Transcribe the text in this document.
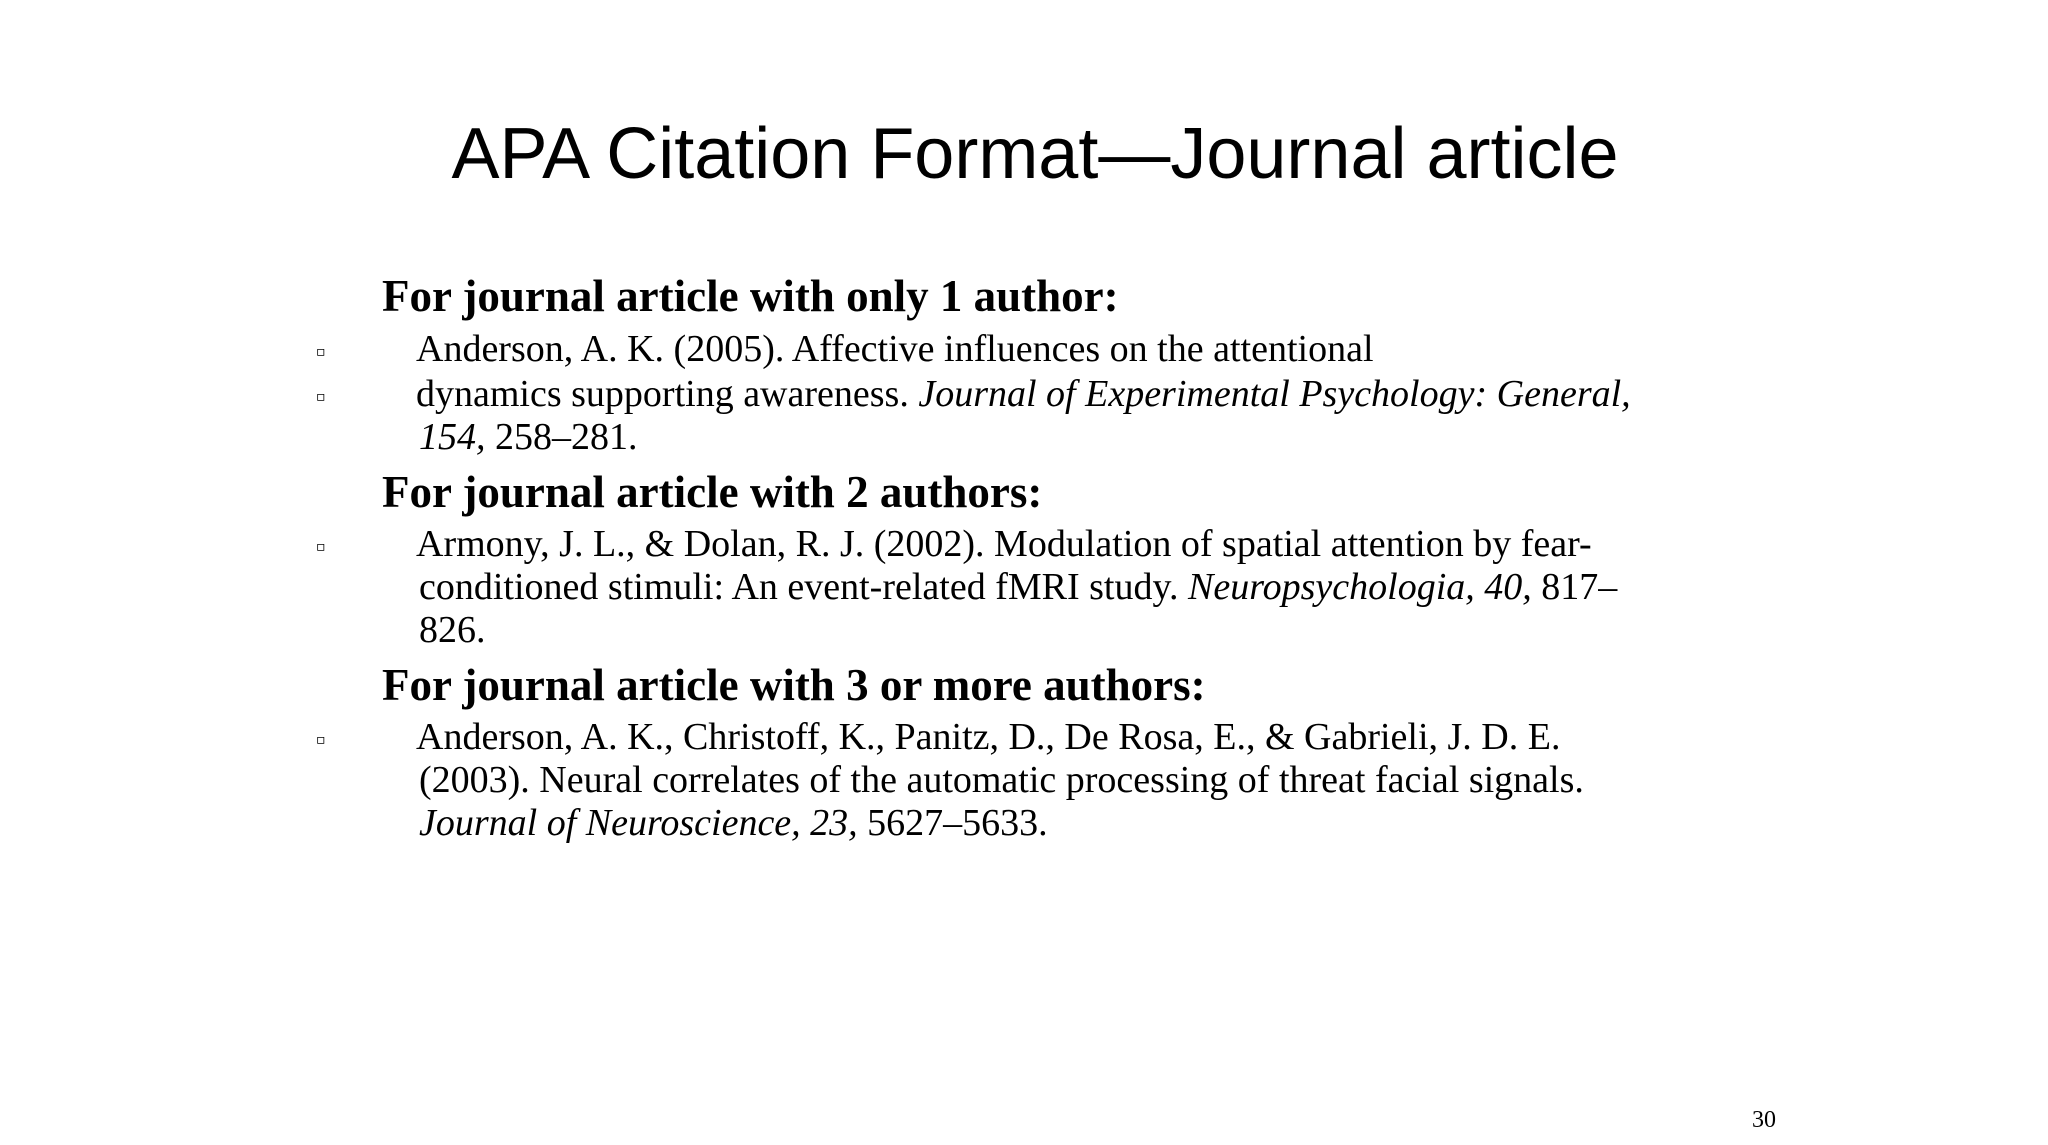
APA Citation Format—Journal article
For journal article with only 1 author:
▫ Anderson, A. K. (2005). Affective influences on the attentional
▫ dynamics supporting awareness. Journal of Experimental Psychology: General,
154, 258–281.
For journal article with 2 authors:
▫ Armony, J. L., & Dolan, R. J. (2002). Modulation of spatial attention by fear-
conditioned stimuli: An event-related fMRI study. Neuropsychologia, 40, 817–
826.
For journal article with 3 or more authors:
▫ Anderson, A. K., Christoff, K., Panitz, D., De Rosa, E., & Gabrieli, J. D. E.
(2003). Neural correlates of the automatic processing of threat facial signals.
Journal of Neuroscience, 23, 5627–5633.
30
